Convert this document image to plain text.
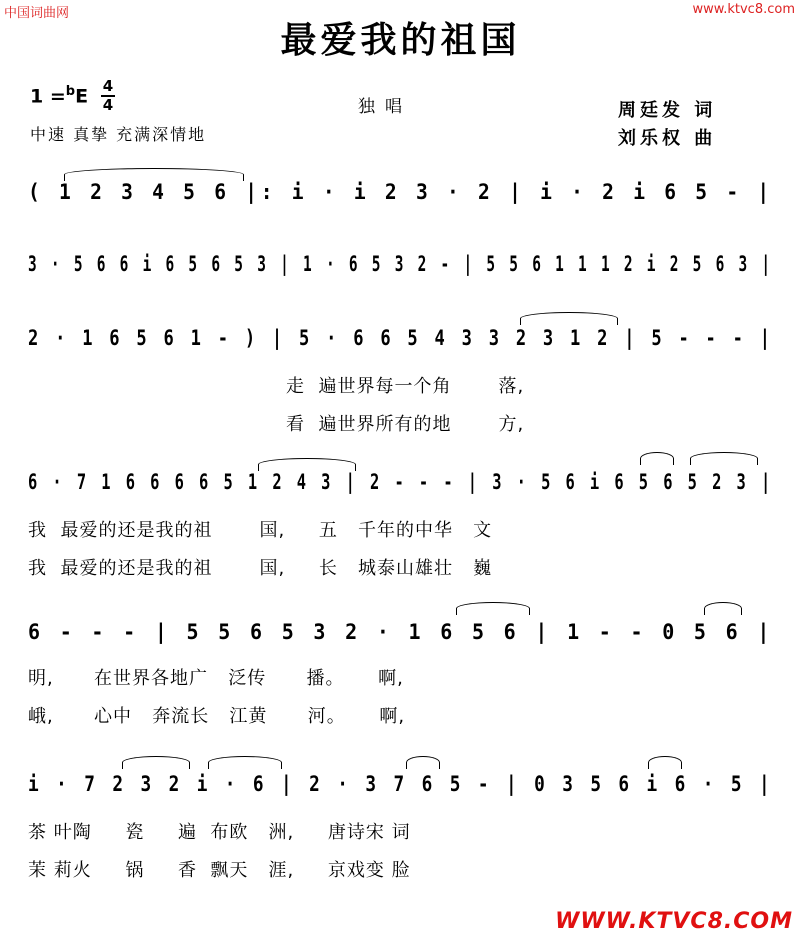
中国词曲网	www.ktvc8.com
最爱我的祖国
1 =$^b$E 4
4	独唱
中速 真挚 充满深情地
周廷发 词
刘乐权 曲
( 1 2 3 4 5 6 |: i · i 2 3 · 2 | i · 2 i 6 5 - |
3 · 5 6 6 i 6 5 6 5 3 | 1 · 6 5 3 2 - | 5 5 6 1 1 1 2 i 2 5 6 3 |
2 · 1 6 5 6 1 - ) | 5 · 6 6 5 4 3 3 2 3 1 2 | 5 - - - |
走  遍世界每一个角       落,
看  遍世界所有的地       方,
6 · 7 1 6 6 6 6 5 1 2 4 3 | 2 - - - | 3 · 5 6 i 6 5 6 5 2 3 |
我  最爱的还是我的祖       国,     五   千年的中华   文
我  最爱的还是我的祖       国,     长   城泰山雄壮   巍
6 - - - | 5 5 6 5 3 2 · 1 6 5 6 | 1 - - 0 5 6 |
明,      在世界各地广   泛传      播。     啊,
峨,      心中   奔流长   江黄      河。     啊,
i · 7 2 3 2 i · 6 | 2 · 3 7 6 5 - | 0 3 5 6 i 6 · 5 |
茶 叶陶     瓷     遍  布欧   洲,     唐诗宋 词
茉 莉火     锅     香  飘天   涯,     京戏变 脸
WWW.KTVC8.COM
